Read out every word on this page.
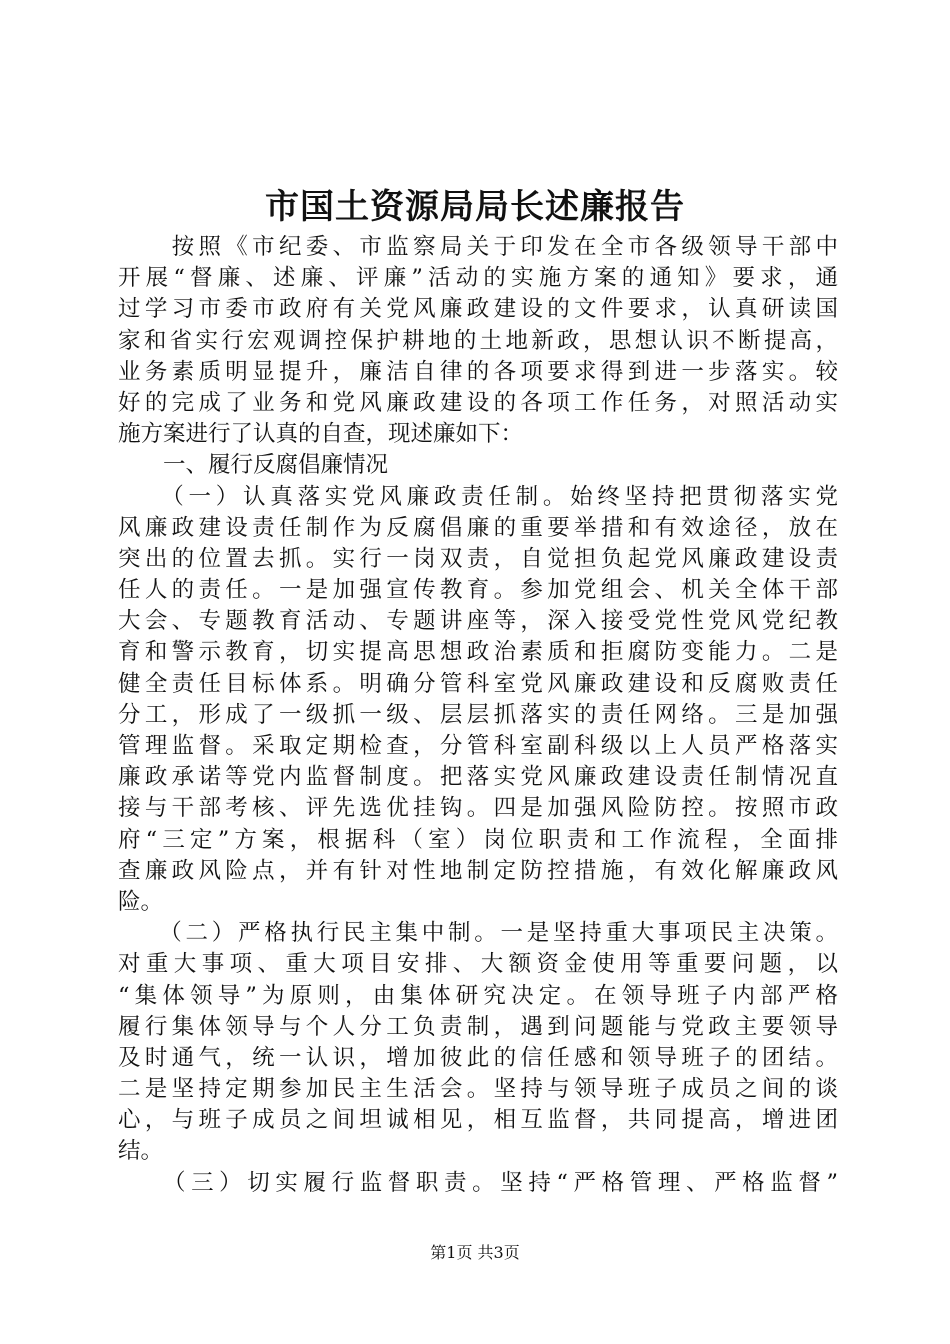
市国土资源局局长述廉报告
　　按照《市纪委、市监察局关于印发在全市各级领导干部中
开展“督廉、述廉、评廉”活动的实施方案的通知》要求，通
过学习市委市政府有关党风廉政建设的文件要求，认真研读国
家和省实行宏观调控保护耕地的土地新政，思想认识不断提高，
业务素质明显提升，廉洁自律的各项要求得到进一步落实。较
好的完成了业务和党风廉政建设的各项工作任务，对照活动实
施方案进行了认真的自查，现述廉如下：
　　一、履行反腐倡廉情况
　　（一）认真落实党风廉政责任制。始终坚持把贯彻落实党
风廉政建设责任制作为反腐倡廉的重要举措和有效途径，放在
突出的位置去抓。实行一岗双责，自觉担负起党风廉政建设责
任人的责任。一是加强宣传教育。参加党组会、机关全体干部
大会、专题教育活动、专题讲座等，深入接受党性党风党纪教
育和警示教育，切实提高思想政治素质和拒腐防变能力。二是
健全责任目标体系。明确分管科室党风廉政建设和反腐败责任
分工，形成了一级抓一级、层层抓落实的责任网络。三是加强
管理监督。采取定期检查，分管科室副科级以上人员严格落实
廉政承诺等党内监督制度。把落实党风廉政建设责任制情况直
接与干部考核、评先选优挂钩。四是加强风险防控。按照市政
府“三定”方案，根据科（室）岗位职责和工作流程，全面排
查廉政风险点，并有针对性地制定防控措施，有效化解廉政风
险。
　　（二）严格执行民主集中制。一是坚持重大事项民主决策。
对重大事项、重大项目安排、大额资金使用等重要问题，以
“集体领导”为原则，由集体研究决定。在领导班子内部严格
履行集体领导与个人分工负责制，遇到问题能与党政主要领导
及时通气，统一认识，增加彼此的信任感和领导班子的团结。
二是坚持定期参加民主生活会。坚持与领导班子成员之间的谈
心，与班子成员之间坦诚相见，相互监督，共同提高，增进团
结。
　　（三）切实履行监督职责。坚持“严格管理、严格监督”
第1页 共3页
